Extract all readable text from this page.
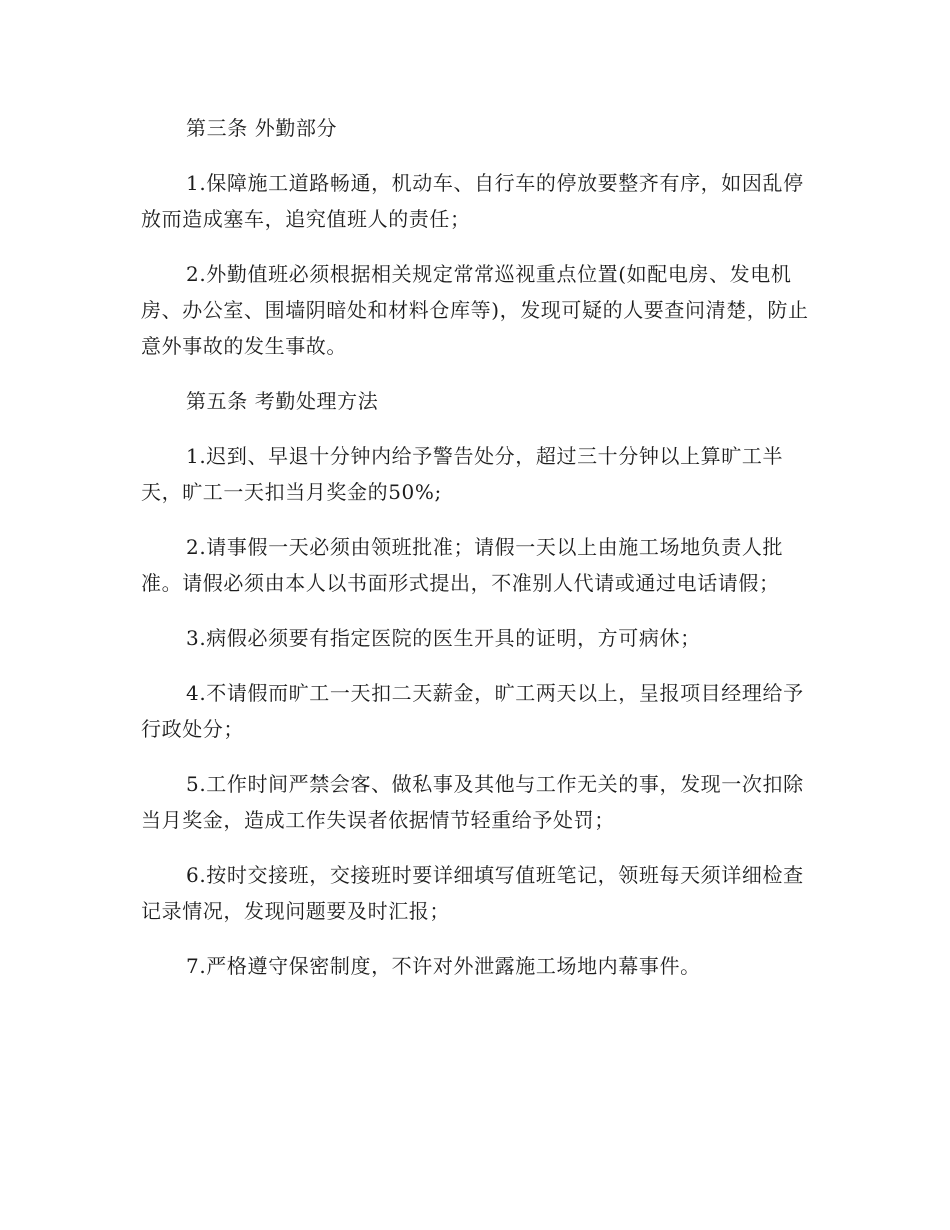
第三条 外勤部分

1.保障施工道路畅通，机动车、自行车的停放要整齐有序，如因乱停放而造成塞车，追究值班人的责任；

2.外勤值班必须根据相关规定常常巡视重点位置(如配电房、发电机房、办公室、围墙阴暗处和材料仓库等)，发现可疑的人要查问清楚，防止意外事故的发生事故。

第五条 考勤处理方法

1.迟到、早退十分钟内给予警告处分，超过三十分钟以上算旷工半天，旷工一天扣当月奖金的50%;

2.请事假一天必须由领班批准；请假一天以上由施工场地负责人批准。请假必须由本人以书面形式提出，不准别人代请或通过电话请假；

3.病假必须要有指定医院的医生开具的证明，方可病休；

4.不请假而旷工一天扣二天薪金，旷工两天以上，呈报项目经理给予行政处分；

5.工作时间严禁会客、做私事及其他与工作无关的事，发现一次扣除当月奖金，造成工作失误者依据情节轻重给予处罚；

6.按时交接班，交接班时要详细填写值班笔记，领班每天须详细检查记录情况，发现问题要及时汇报；

7.严格遵守保密制度，不许对外泄露施工场地内幕事件。
